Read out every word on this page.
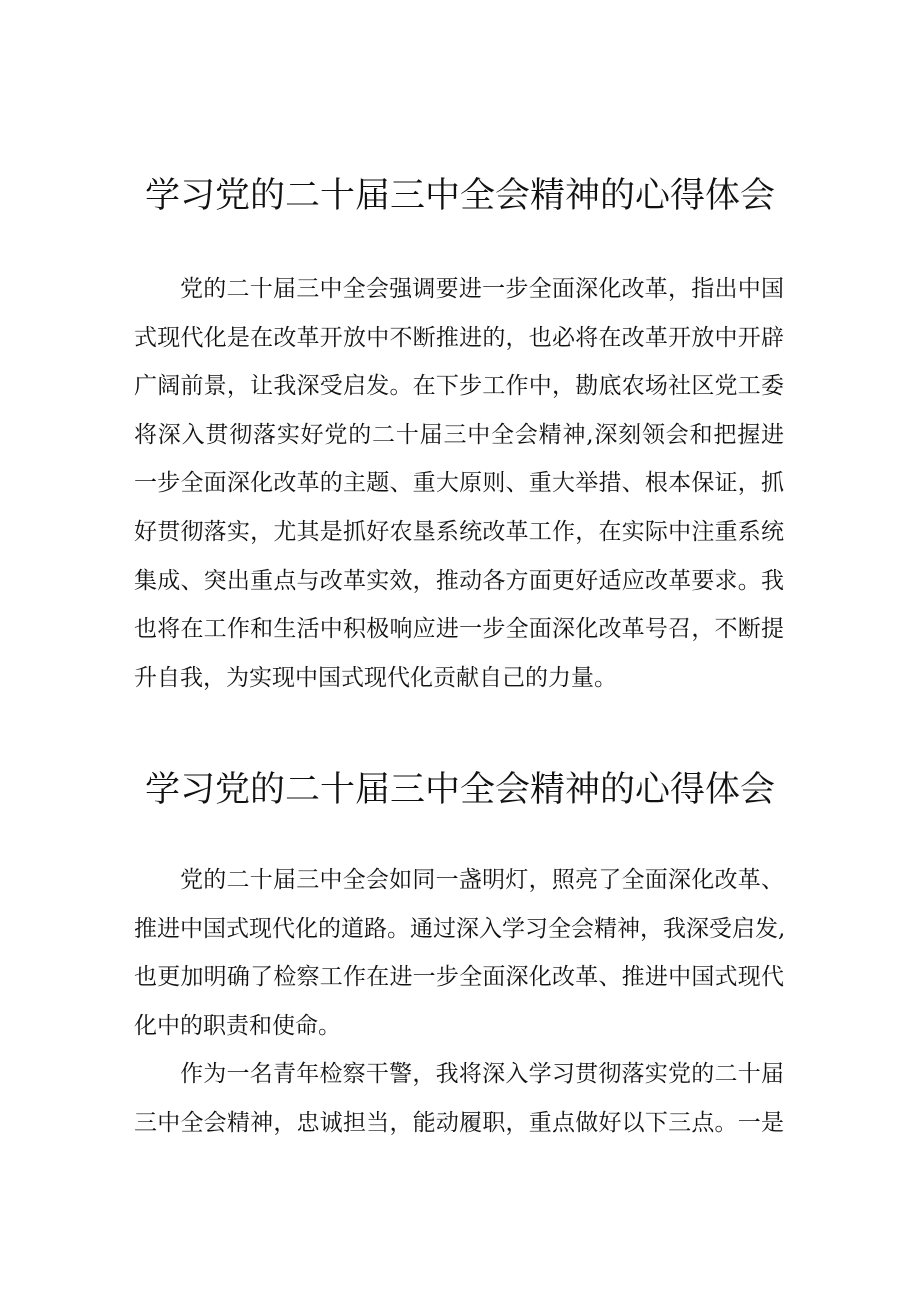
学习党的二十届三中全会精神的心得体会
党的二十届三中全会强调要进一步全面深化改革，指出中国
式现代化是在改革开放中不断推进的，也必将在改革开放中开辟
广阔前景，让我深受启发。在下步工作中，勘底农场社区党工委
将深入贯彻落实好党的二十届三中全会精神,深刻领会和把握进
一步全面深化改革的主题、重大原则、重大举措、根本保证，抓
好贯彻落实，尤其是抓好农垦系统改革工作，在实际中注重系统
集成、突出重点与改革实效，推动各方面更好适应改革要求。我
也将在工作和生活中积极响应进一步全面深化改革号召，不断提
升自我，为实现中国式现代化贡献自己的力量。
学习党的二十届三中全会精神的心得体会
党的二十届三中全会如同一盏明灯，照亮了全面深化改革、
推进中国式现代化的道路。通过深入学习全会精神，我深受启发,
也更加明确了检察工作在进一步全面深化改革、推进中国式现代
化中的职责和使命。
作为一名青年检察干警，我将深入学习贯彻落实党的二十届
三中全会精神，忠诚担当，能动履职，重点做好以下三点。一是
